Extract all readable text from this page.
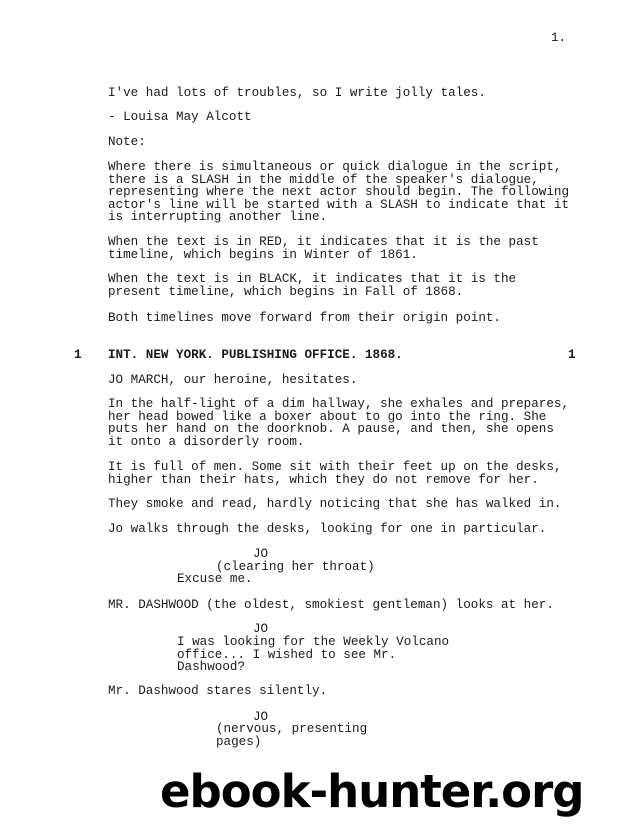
1.

I've had lots of troubles, so I write jolly tales.

- Louisa May Alcott

Note:

Where there is simultaneous or quick dialogue in the script,
there is a SLASH in the middle of the speaker's dialogue,
representing where the next actor should begin. The following
actor's line will be started with a SLASH to indicate that it
is interrupting another line.

When the text is in RED, it indicates that it is the past
timeline, which begins in Winter of 1861.

When the text is in BLACK, it indicates that it is the
present timeline, which begins in Fall of 1868.

Both timelines move forward from their origin point.

1 INT. NEW YORK. PUBLISHING OFFICE. 1868.	1

JO MARCH, our heroine, hesitates.

In the half-light of a dim hallway, she exhales and prepares,
her head bowed like a boxer about to go into the ring. She
puts her hand on the doorknob. A pause, and then, she opens
it onto a disorderly room.

It is full of men. Some sit with their feet up on the desks,
higher than their hats, which they do not remove for her.

They smoke and read, hardly noticing that she has walked in.

Jo walks through the desks, looking for one in particular.

JO
(clearing her throat)
Excuse me.

MR. DASHWOOD (the oldest, smokiest gentleman) looks at her.

JO
I was looking for the Weekly Volcano
office... I wished to see Mr.
Dashwood?

Mr. Dashwood stares silently.

JO
(nervous, presenting
pages)
ebook-hunter.org
